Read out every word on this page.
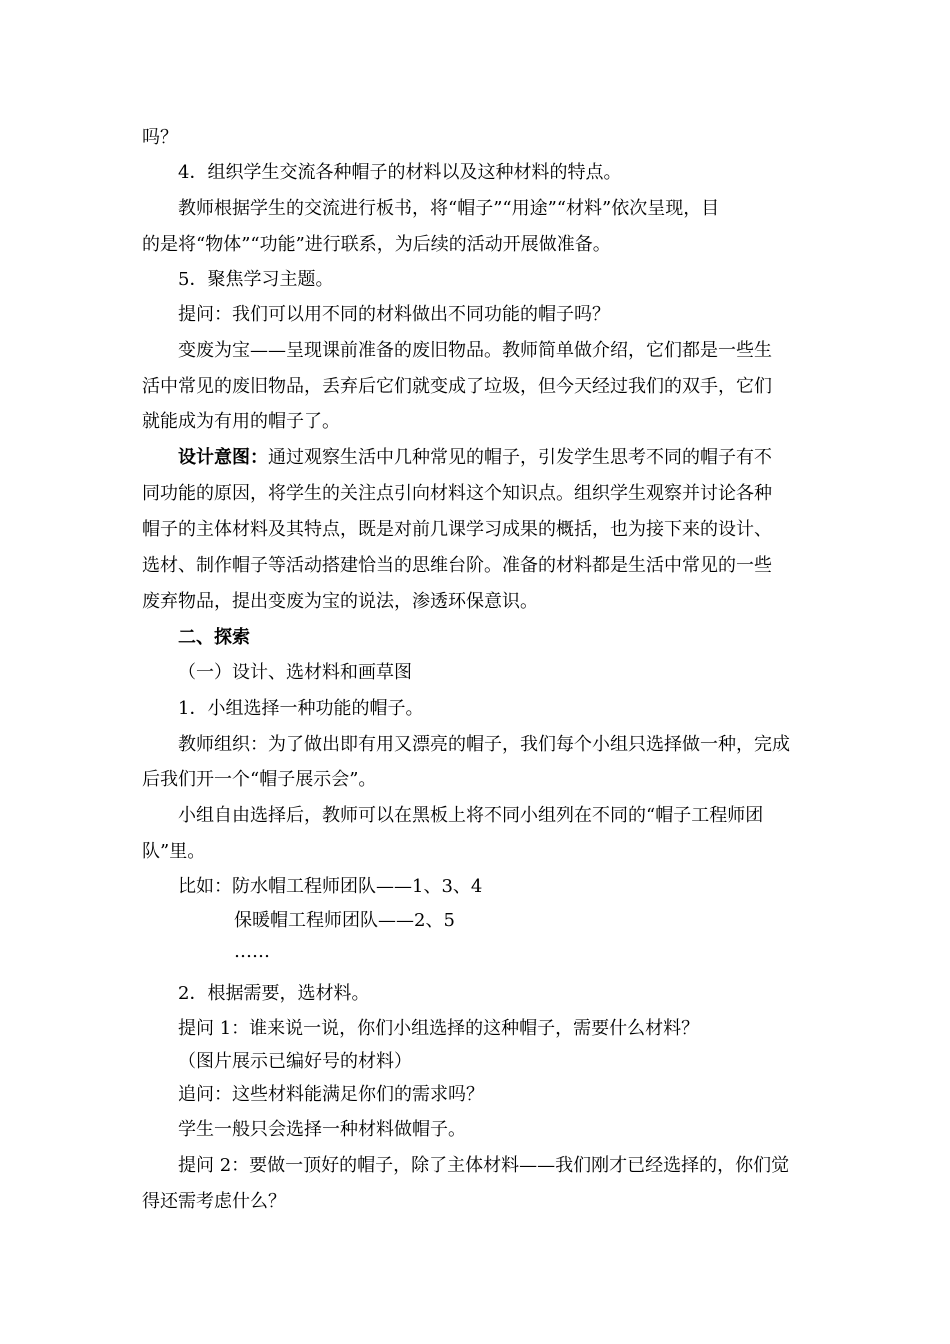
吗？
4．组织学生交流各种帽子的材料以及这种材料的特点。
教师根据学生的交流进行板书，将“帽子”“用途”“材料”依次呈现，目
的是将“物体”“功能”进行联系，为后续的活动开展做准备。
5．聚焦学习主题。
提问：我们可以用不同的材料做出不同功能的帽子吗？
变废为宝——呈现课前准备的废旧物品。教师简单做介绍，它们都是一些生
活中常见的废旧物品，丢弃后它们就变成了垃圾，但今天经过我们的双手，它们
就能成为有用的帽子了。
设计意图：通过观察生活中几种常见的帽子，引发学生思考不同的帽子有不
同功能的原因，将学生的关注点引向材料这个知识点。组织学生观察并讨论各种
帽子的主体材料及其特点，既是对前几课学习成果的概括，也为接下来的设计、
选材、制作帽子等活动搭建恰当的思维台阶。准备的材料都是生活中常见的一些
废弃物品，提出变废为宝的说法，渗透环保意识。
二、探索
（一）设计、选材料和画草图
1．小组选择一种功能的帽子。
教师组织：为了做出即有用又漂亮的帽子，我们每个小组只选择做一种，完成
后我们开一个“帽子展示会”。
小组自由选择后，教师可以在黑板上将不同小组列在不同的“帽子工程师团
队”里。
比如：防水帽工程师团队——1、3、4
保暖帽工程师团队——2、5
……
2．根据需要，选材料。
提问 1：谁来说一说，你们小组选择的这种帽子，需要什么材料？
（图片展示已编好号的材料）
追问：这些材料能满足你们的需求吗？
学生一般只会选择一种材料做帽子。
提问 2：要做一顶好的帽子，除了主体材料——我们刚才已经选择的，你们觉
得还需考虑什么？
